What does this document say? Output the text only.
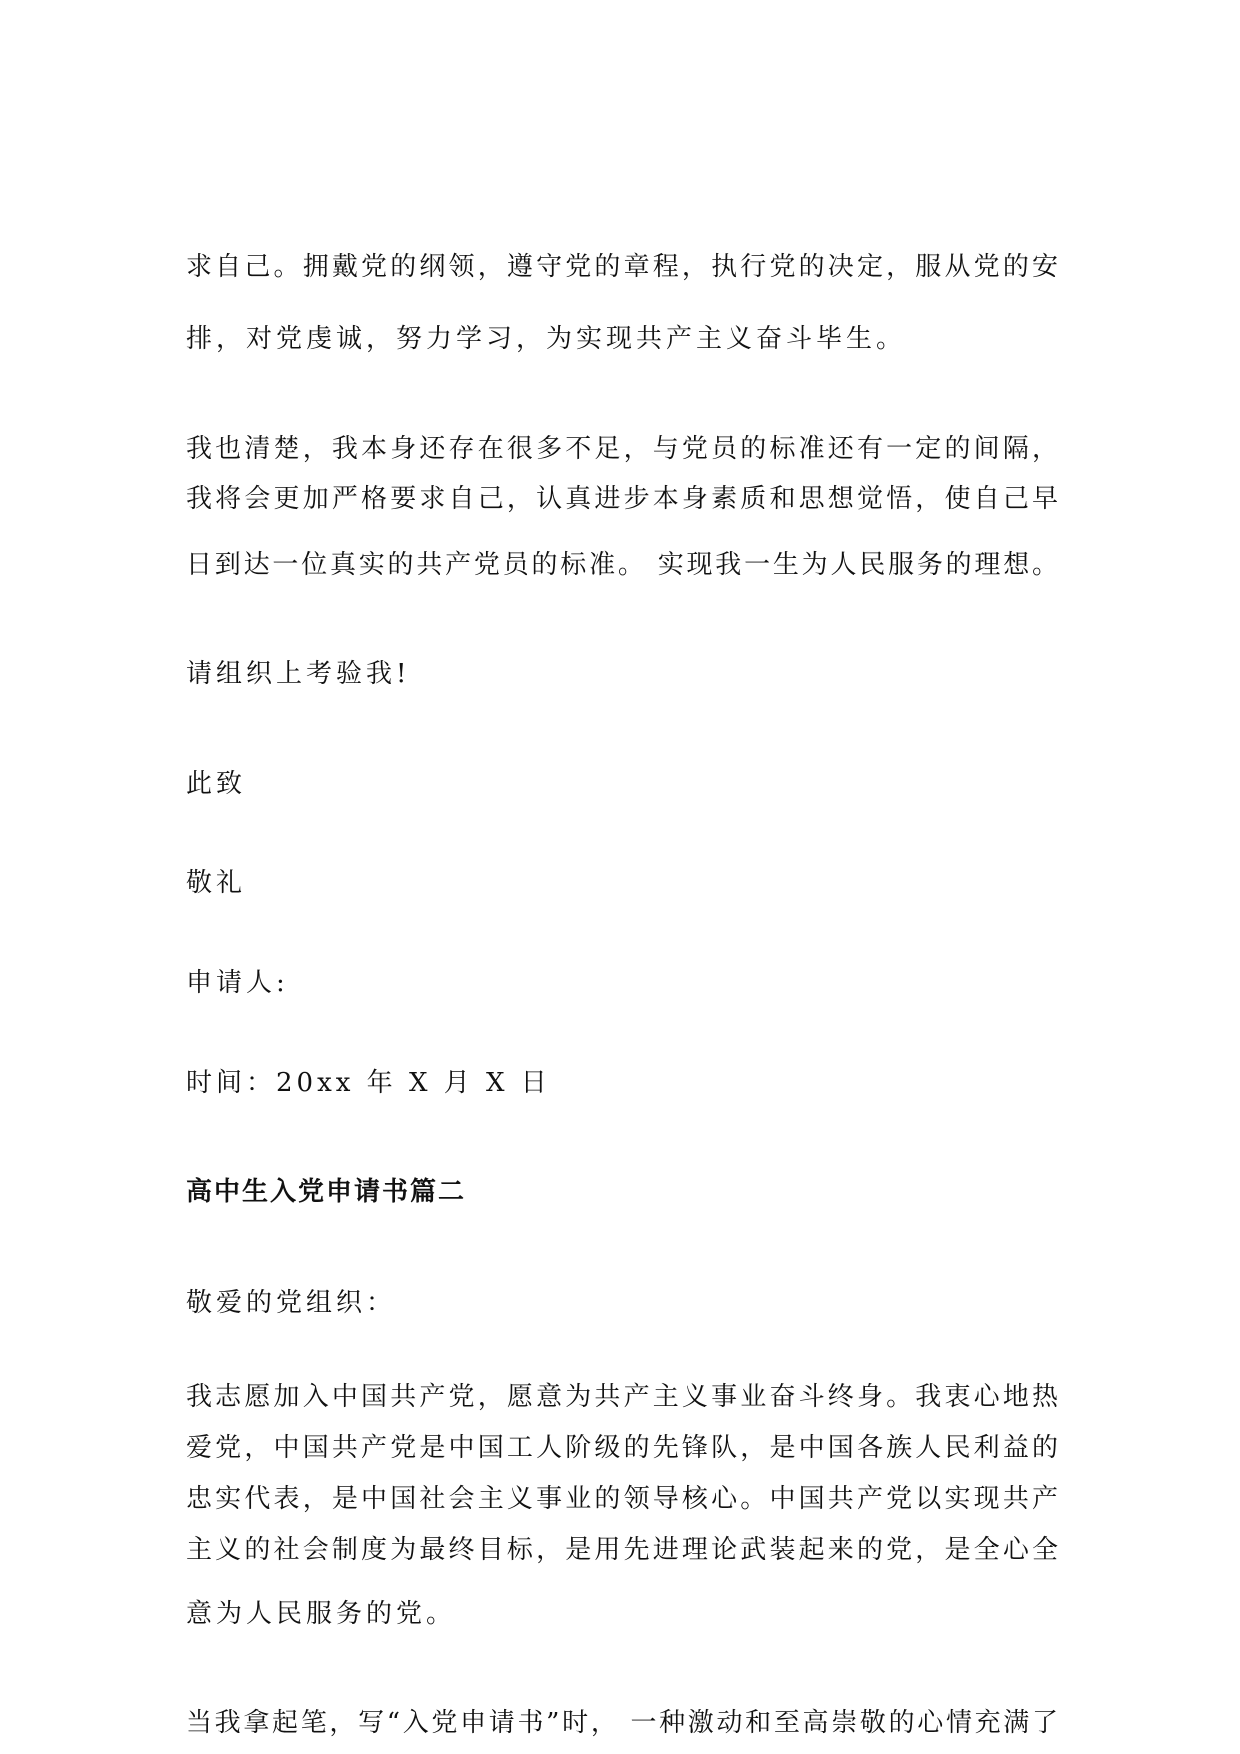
求自己。拥戴党的纲领，遵守党的章程，执行党的决定，服从党的安
排，对党虔诚，努力学习，为实现共产主义奋斗毕生。
我也清楚，我本身还存在很多不足，与党员的标准还有一定的间隔，
我将会更加严格要求自己，认真进步本身素质和思想觉悟，使自己早
日到达一位真实的共产党员的标准。 实现我一生为人民服务的理想。
请组织上考验我!
此致
敬礼
申请人:
时间：20xx 年 X 月 X 日
高中生入党申请书篇二
敬爱的党组织：
我志愿加入中国共产党，愿意为共产主义事业奋斗终身。我衷心地热
爱党，中国共产党是中国工人阶级的先锋队，是中国各族人民利益的
忠实代表，是中国社会主义事业的领导核心。中国共产党以实现共产
主义的社会制度为最终目标，是用先进理论武装起来的党，是全心全
意为人民服务的党。
当我拿起笔，写“入党申请书”时， 一种激动和至高崇敬的心情充满了
